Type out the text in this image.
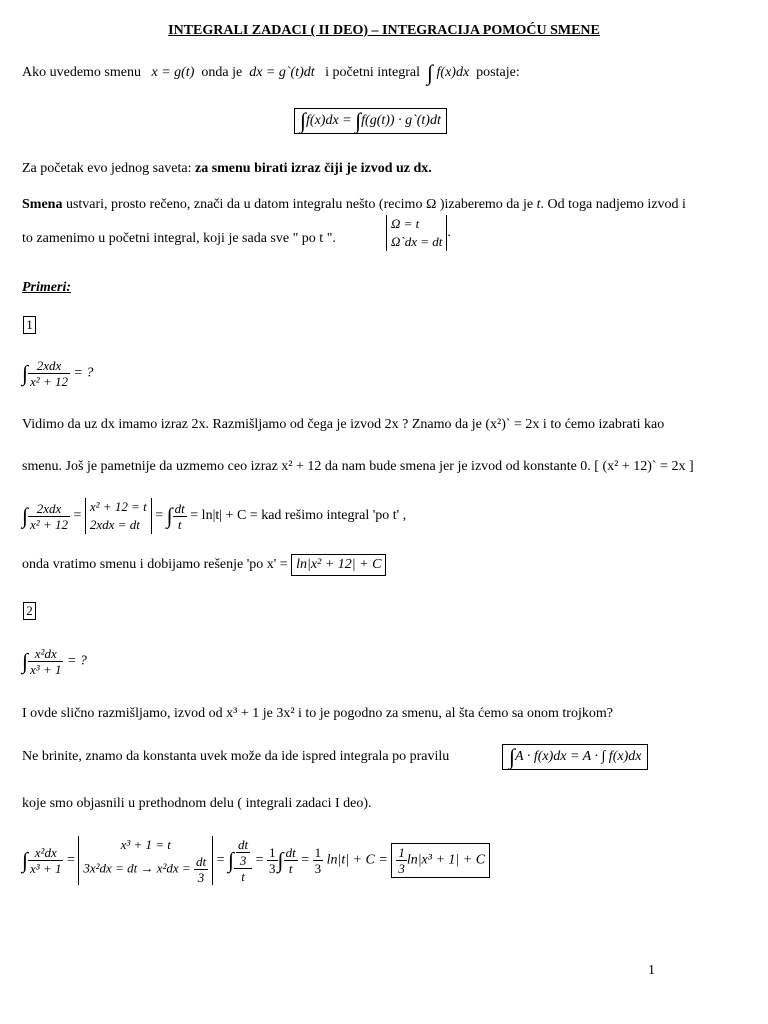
INTEGRALI ZADACI ( II DEO) – INTEGRACIJA POMOĆU SMENE
Ako uvedemo smenu x = g(t) onda je dx = g`(t)dt i početni integral ∫ f(x)dx postaje:
∫f(x)dx = ∫f(g(t)) · g`(t)dt
Za početak evo jednog saveta: za smenu birati izraz čiji je izvod uz dx.
Smena ustvari, prosto rečeno, znači da u datom integralu nešto (recimo Ω )izaberemo da je t. Od toga nadjemo izvod i
to zamenimo u početni integral, koji je sada sve " po t ".
Ω = t
Ω`dx = dt
.
Primeri:
1
∫ $\frac{\text{2xdx}}{\text{x² + 12}}$ = ?
Vidimo da uz dx imamo izraz 2x. Razmišljamo od čega je izvod 2x ? Znamo da je (x²)` = 2x i to ćemo izabrati kao
smenu. Još je pametnije da uzmemo ceo izraz x² + 12 da nam bude smena jer je izvod od konstante 0. [ (x² + 12)` = 2x ]
∫ $\frac{\text{2xdx}}{\text{x² + 12}}$ =
x² + 12 = t
2xdx = dt
= ∫ $\frac{dt}{t} = \ln|t| + C$ = kad rešimo integral 'po t' ,
onda vratimo smenu i dobijamo rešenje 'po x' = ln|x² + 12| + C
2
∫ $\frac{\text{x²dx}}{\text{x³ + 1}}$ = ?
I ovde slično razmišljamo, izvod od x³ + 1 je 3x² i to je pogodno za smenu, al šta ćemo sa onom trojkom?
Ne brinite, znamo da konstanta uvek može da ide ispred integrala po pravilu	∫A · f(x)dx = A · ∫ f(x)dx
koje smo objasnili u prethodnom delu ( integrali zadaci I deo).
∫ $\frac{\text{x²dx}}{\text{x³ + 1}}$ =
x³ + 1 = t
3x²dx = dt → $x^2dx = \frac{dt}{3}$ = ∫ $\frac{\frac{dt}{3}}{t} = \frac{1}{3}$ ∫ $\frac{dt}{t} = \frac{1}{3} \ln|t| + C = \frac{1}{3} \ln|x^3 + 1| + C$
1
